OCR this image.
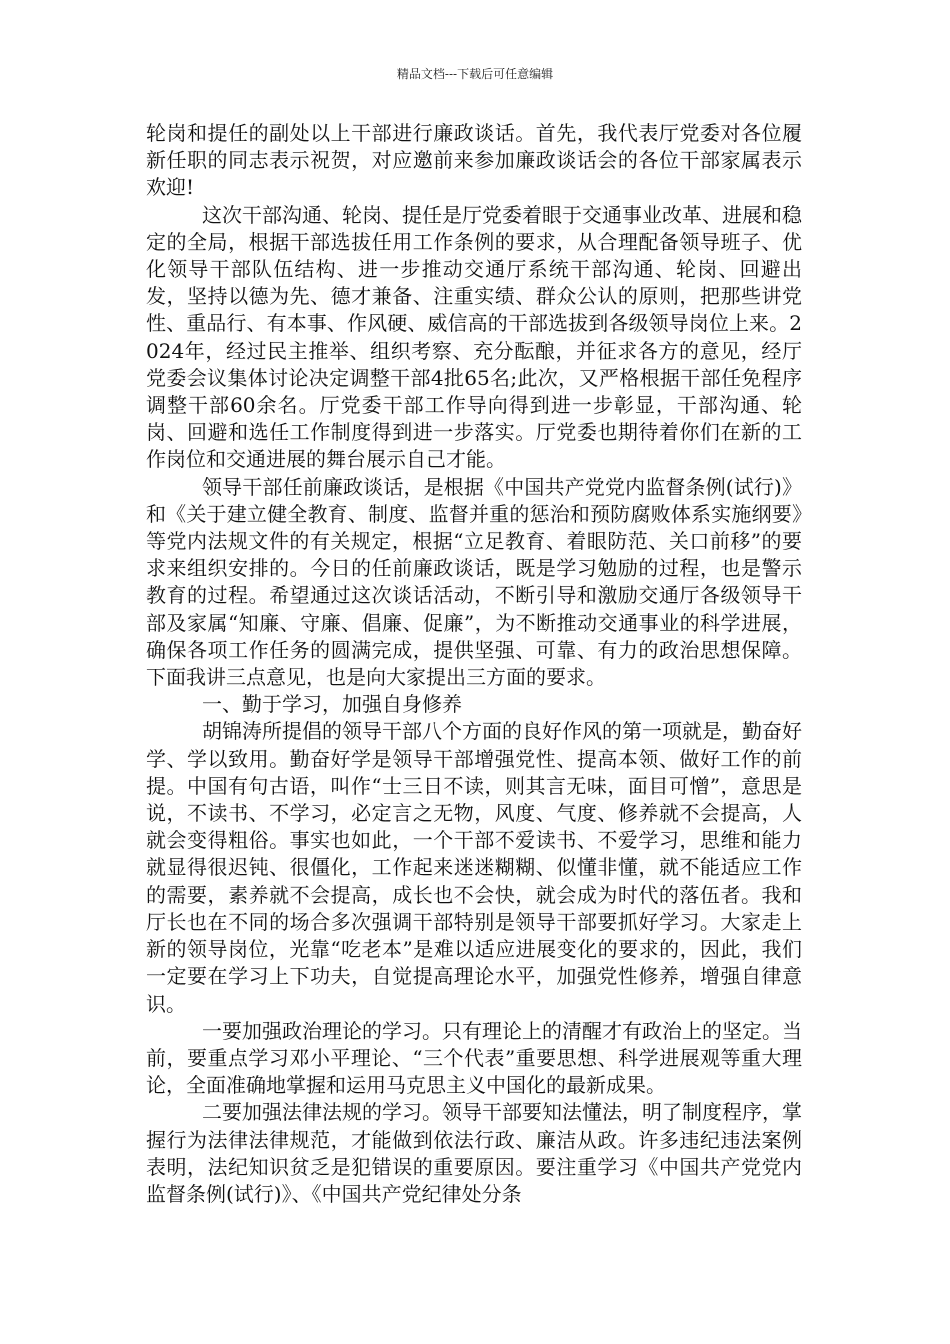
精品文档---下载后可任意编辑

轮岗和提任的副处以上干部进行廉政谈话。首先，我代表厅党委对各位履新任职的同志表示祝贺，对应邀前来参加廉政谈话会的各位干部家属表示欢迎!

这次干部沟通、轮岗、提任是厅党委着眼于交通事业改革、进展和稳定的全局，根据干部选拔任用工作条例的要求，从合理配备领导班子、优化领导干部队伍结构、进一步推动交通厅系统干部沟通、轮岗、回避出发，坚持以德为先、德才兼备、注重实绩、群众公认的原则，把那些讲党性、重品行、有本事、作风硬、威信高的干部选拔到各级领导岗位上来。2024年，经过民主推举、组织考察、充分酝酿，并征求各方的意见，经厅党委会议集体讨论决定调整干部4批65名;此次，又严格根据干部任免程序调整干部60余名。厅党委干部工作导向得到进一步彰显，干部沟通、轮岗、回避和选任工作制度得到进一步落实。厅党委也期待着你们在新的工作岗位和交通进展的舞台展示自己才能。

领导干部任前廉政谈话，是根据《中国共产党党内监督条例(试行)》和《关于建立健全教育、制度、监督并重的惩治和预防腐败体系实施纲要》等党内法规文件的有关规定，根据“立足教育、着眼防范、关口前移”的要求来组织安排的。今日的任前廉政谈话，既是学习勉励的过程，也是警示教育的过程。希望通过这次谈话活动，不断引导和激励交通厅各级领导干部及家属“知廉、守廉、倡廉、促廉”，为不断推动交通事业的科学进展，确保各项工作任务的圆满完成，提供坚强、可靠、有力的政治思想保障。下面我讲三点意见，也是向大家提出三方面的要求。

一、勤于学习，加强自身修养

胡锦涛所提倡的领导干部八个方面的良好作风的第一项就是，勤奋好学、学以致用。勤奋好学是领导干部增强党性、提高本领、做好工作的前提。中国有句古语，叫作“士三日不读，则其言无味，面目可憎”，意思是说，不读书、不学习，必定言之无物，风度、气度、修养就不会提高，人就会变得粗俗。事实也如此，一个干部不爱读书、不爱学习，思维和能力就显得很迟钝、很僵化，工作起来迷迷糊糊、似懂非懂，就不能适应工作的需要，素养就不会提高，成长也不会快，就会成为时代的落伍者。我和厅长也在不同的场合多次强调干部特别是领导干部要抓好学习。大家走上新的领导岗位，光靠“吃老本”是难以适应进展变化的要求的，因此，我们一定要在学习上下功夫，自觉提高理论水平，加强党性修养，增强自律意识。

一要加强政治理论的学习。只有理论上的清醒才有政治上的坚定。当前，要重点学习邓小平理论、“三个代表”重要思想、科学进展观等重大理论，全面准确地掌握和运用马克思主义中国化的最新成果。

二要加强法律法规的学习。领导干部要知法懂法，明了制度程序，掌握行为法律法律规范，才能做到依法行政、廉洁从政。许多违纪违法案例表明，法纪知识贫乏是犯错误的重要原因。要注重学习《中国共产党党内监督条例(试行)》、《中国共产党纪律处分条
